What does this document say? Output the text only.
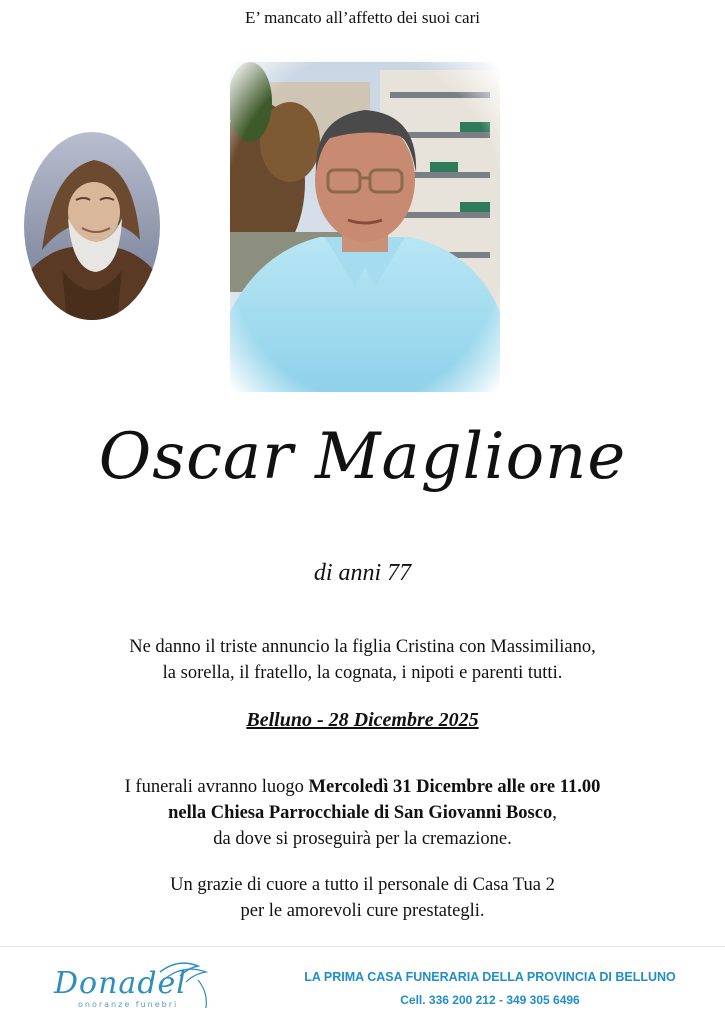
E’ mancato all’affetto dei suoi cari
Oscar Maglione
di anni 77
Ne danno il triste annuncio la figlia Cristina con Massimiliano,
la sorella, il fratello, la cognata, i nipoti e parenti tutti.
Belluno - 28 Dicembre 2025
I funerali avranno luogo Mercoledì 31 Dicembre alle ore 11.00
nella Chiesa Parrocchiale di San Giovanni Bosco,
da dove si proseguirà per la cremazione.
Un grazie di cuore a tutto il personale di Casa Tua 2
per le amorevoli cure prestategli.
Donadel
onoranze funebri
LA PRIMA CASA FUNERARIA DELLA PROVINCIA DI BELLUNO
Cell. 336 200 212 - 349 305 6496
